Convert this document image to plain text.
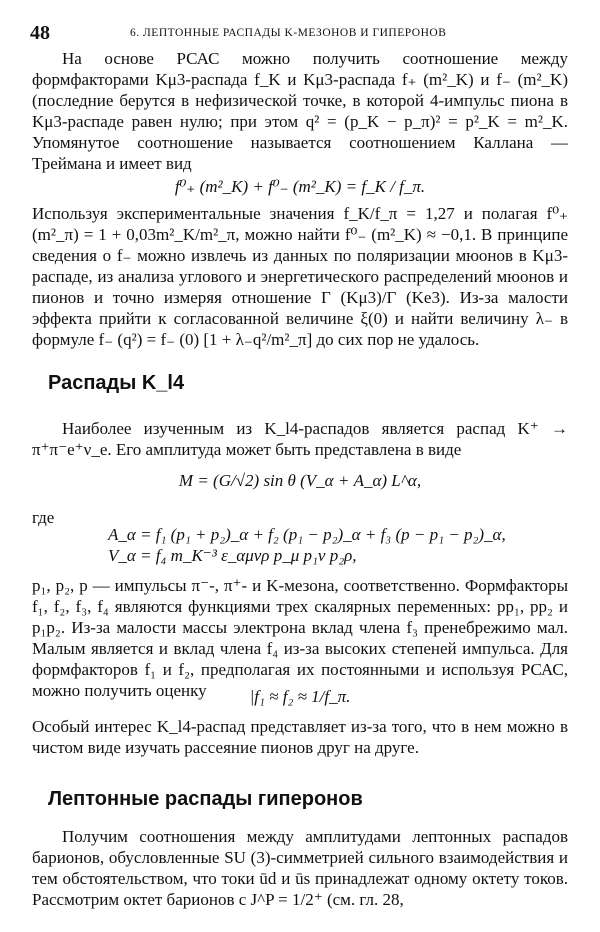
48	6. ЛЕПТОННЫЕ РАСПАДЫ K-МЕЗОНОВ И ГИПЕРОНОВ

На основе РСАС можно получить соотношение между формфакторами Kμ3-распада f_K и Kμ3-распада f₊ (m²_K) и f₋ (m²_K) (последние берутся в нефизической точке, в которой 4-импульс пиона в Kμ3-распаде равен нулю; при этом q² = (p_K − p_π)² = p²_K = m²_K. Упомянутое соотношение называется соотношением Каллана — Треймана и имеет вид

f⁰₊ (m²_K) + f⁰₋ (m²_K) = f_K / f_π.

Используя экспериментальные значения f_K/f_π = 1,27 и полагая f⁰₊ (m²_π) = 1 + 0,03m²_K/m²_π, можно найти f⁰₋ (m²_K) ≈ −0,1. В принципе сведения о f₋ можно извлечь из данных по поляризации мюонов в Kμ3-распаде, из анализа углового и энергетического распределений мюонов и пионов и точно измеряя отношение Γ (Kμ3)/Γ (Ke3). Из-за малости эффекта прийти к согласованной величине ξ(0) и найти величину λ₋ в формуле f₋ (q²) = f₋ (0) [1 + λ₋q²/m²_π] до сих пор не удалось.

Распады K_l4

Наиболее изученным из K_l4-распадов является распад K⁺ → π⁺π⁻e⁺ν_e. Его амплитуда может быть представлена в виде

M = (G/√2) sin θ (V_α + A_α) L^α,
где
A_α = f₁ (p₁ + p₂)_α + f₂ (p₁ − p₂)_α + f₃ (p − p₁ − p₂)_α,
V_α = f₄ m_K⁻³ ε_αμνρ p_μ p₁ν p₂ρ,

p₁, p₂, p — импульсы π⁻-, π⁺- и K-мезона, соответственно. Формфакторы f₁, f₂, f₃, f₄ являются функциями трех скалярных переменных: pp₁, pp₂ и p₁p₂. Из-за малости массы электрона вклад члена f₃ пренебрежимо мал. Малым является и вклад члена f₄ из-за высоких степеней импульса. Для формфакторов f₁ и f₂, предполагая их постоянными и используя РСАС, можно получить оценку	|f₁ ≈ f₂ ≈ 1/f_π.

Особый интерес K_l4-распад представляет из-за того, что в нем можно в чистом виде изучать рассеяние пионов друг на друге.

Лептонные распады гиперонов

Получим соотношения между амплитудами лептонных распадов барионов, обусловленные SU (3)-симметрией сильного взаимодействия и тем обстоятельством, что токи ūd и ūs принадлежат одному октету токов. Рассмотрим октет барионов с J^P = 1/2⁺ (см. гл. 28,
